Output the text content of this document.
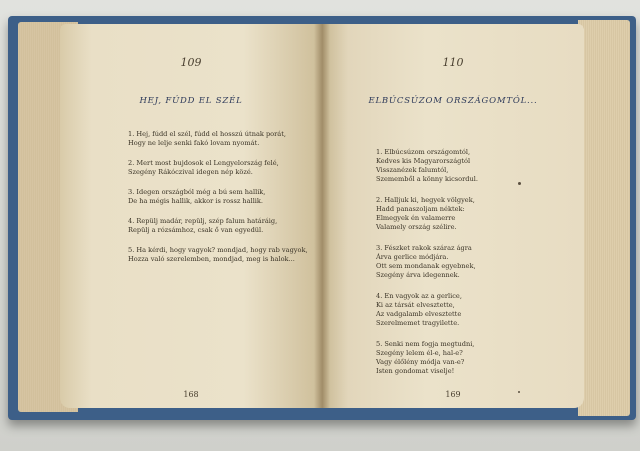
109
HEJ, FÚDD EL SZÉL
1. Hej, fúdd el szél, fúdd el hosszú útnak porát,
Hogy ne lelje senki fakó lovam nyomát.
2. Mert most bujdosok el Lengyelország felé,
Szegény Rákóczival idegen nép közé.
3. Idegen országból még a bú sem hallik,
De ha mégis hallik, akkor is rossz hallik.
4. Repülj madár, repülj, szép falum határáig,
Repülj a rózsámhoz, csak ő van egyedül.
5. Ha kérdi, hogy vagyok? mondjad, hogy rab vagyok,
Hozza való szerelemben, mondjad, meg is halok...
168
110
ELBÚCSÚZOM ORSZÁGOMTÓL...
1. Elbúcsúzom országomtól,
Kedves kis Magyarországtól
Visszanézek falumtól,
Szememből a könny kicsordul.
2. Halljuk ki, hegyek völgyek,
Hadd panaszoljam néktek:
Elmegyek én valamerre
Valamely ország szélire.
3. Fészket rakok száraz ágra
Árva gerlice módjára.
Ott sem mondanak egyebnek,
Szegény árva idegennek.
4. En vagyok az a gerlice,
Ki az társát elvesztette,
Az vadgalamb elvesztette
Szerelmemet tragyilette.
5. Senki nem fogja megtudni,
Szegény lelem él-e, hal-e?
Vagy élőlény módja van-e?
Isten gondomat viselje!
169
